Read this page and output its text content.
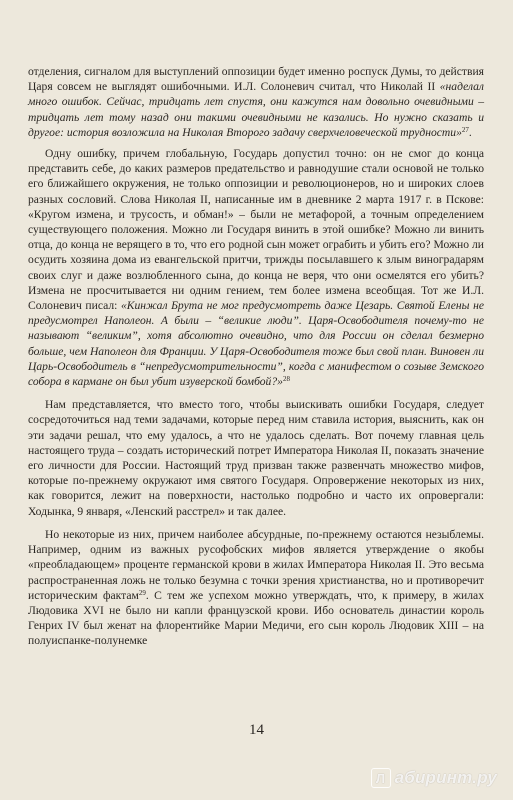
отделения, сигналом для выступлений оппозиции будет именно роспуск Думы, то действия Царя совсем не выглядят ошибочными. И.Л. Солоневич считал, что Николай II «наделал много ошибок. Сейчас, тридцать лет спустя, они кажутся нам довольно очевидными – тридцать лет тому назад они такими очевидными не казались. Но нужно сказать и другое: история возложила на Николая Второго задачу сверхчеловеческой трудности»$^{27}$.

Одну ошибку, причем глобальную, Государь допустил точно: он не смог до конца представить себе, до каких размеров предательство и равнодушие стали основой не только его ближайшего окружения, не только оппозиции и революционеров, но и широких слоев разных сословий. Слова Николая II, написанные им в дневнике 2 марта 1917 г. в Пскове: «Кругом измена, и трусость, и обман!» – были не метафорой, а точным определением существующего положения. Можно ли Государя винить в этой ошибке? Можно ли винить отца, до конца не верящего в то, что его родной сын может ограбить и убить его? Можно ли осудить хозяина дома из евангельской притчи, трижды посылавшего к злым виноградарям своих слуг и даже возлюбленного сына, до конца не веря, что они осмелятся его убить? Измена не просчитывается ни одним гением, тем более измена всеобщая. Тот же И.Л. Солоневич писал: «Кинжал Брута не мог предусмотреть даже Цезарь. Святой Елены не предусмотрел Наполеон. А были – “великие люди”. Царя-Освободителя почему-то не называют “великим”, хотя абсолютно очевидно, что для России он сделал безмерно больше, чем Наполеон для Франции. У Царя-Освободителя тоже был свой план. Виновен ли Царь-Освободитель в “непредусмотрительности”, когда с манифестом о созыве Земского собора в кармане он был убит изуверской бомбой?»$^{28}$

Нам представляется, что вместо того, чтобы выискивать ошибки Государя, следует сосредоточиться над теми задачами, которые перед ним ставила история, выяснить, как он эти задачи решал, что ему удалось, а что не удалось сделать. Вот почему главная цель настоящего труда – создать исторический потрет Императора Николая II, показать значение его личности для России. Настоящий труд призван также развенчать множество мифов, которые по-прежнему окружают имя святого Государя. Опровержение некоторых из них, как говорится, лежит на поверхности, настолько подробно и часто их опровергали: Ходынка, 9 января, «Ленский расстрел» и так далее.

Но некоторые из них, причем наиболее абсурдные, по-прежнему остаются незыблемы. Например, одним из важных русофобских мифов является утверждение о якобы «преобладающем» проценте германской крови в жилах Императора Николая II. Это весьма распространенная ложь не только безумна с точки зрения христианства, но и противоречит историческим фактам$^{29}$. С тем же успехом можно утверждать, что, к примеру, в жилах Людовика XVI не было ни капли французской крови. Ибо основатель династии король Генрих IV был женат на флорентийке Марии Медичи, его сын король Людовик XIII – на полуиспанке-полунемке

14
Л абиринт.ру
